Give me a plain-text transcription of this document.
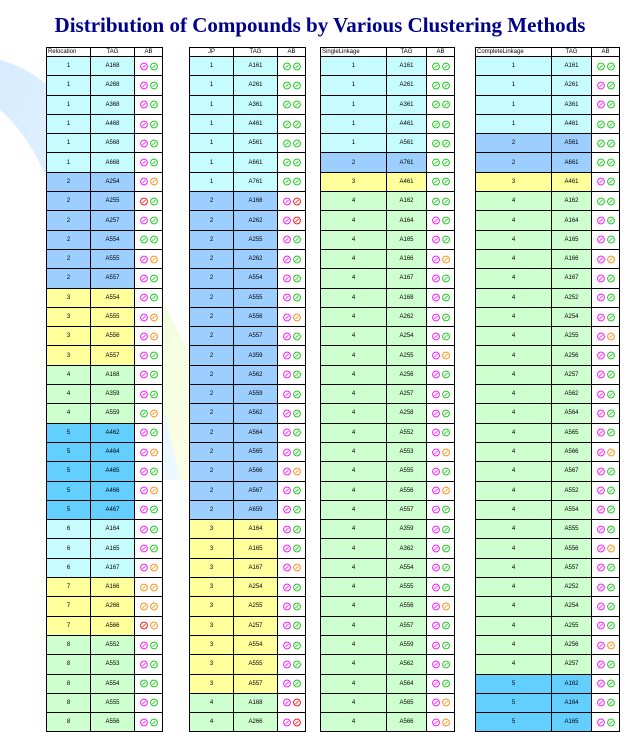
Distribution of Compounds by Various Clustering Methods
Relocation	TAG	AB
1	A168	

1	A268	

1	A368	

1	A468	

1	A568	

1	A668	

2	A254	

2	A255	

2	A257	

2	A554	

2	A555	

2	A557	

3	A554	

3	A555	

3	A556	

3	A557	

4	A168	

4	A359	

4	A559	

5	A462	

5	A464	

5	A465	

5	A466	

5	A467	

6	A164	

6	A165	

6	A167	

7	A166	

7	A266	

7	A566	

8	A552	

8	A553	

8	A554	

8	A555	

8	A556	
JP	TAG	AB
1	A161	

1	A261	

1	A361	

1	A461	

1	A561	

1	A661	

1	A761	

2	A168	

2	A262	

2	A255	

2	A262	

2	A554	

2	A555	

2	A556	

2	A557	

2	A359	

2	A562	

2	A559	

2	A562	

2	A564	

2	A565	

2	A566	

2	A567	

2	A659	

3	A164	

3	A165	

3	A167	

3	A254	

3	A255	

3	A257	

3	A554	

3	A555	

3	A557	

4	A168	

4	A266	
SingleLinkage	TAG	AB
1	A161	

1	A261	

1	A361	

1	A461	

1	A561	

2	A761	

3	A461	

4	A162	

4	A164	

4	A165	

4	A166	

4	A167	

4	A168	

4	A262	

4	A254	

4	A255	

4	A256	

4	A257	

4	A258	

4	A552	

4	A553	

4	A555	

4	A556	

4	A557	

4	A359	

4	A362	

4	A554	

4	A555	

4	A556	

4	A557	

4	A559	

4	A562	

4	A564	

4	A565	

4	A566	
CompleteLinkage	TAG	AB
1	A161	

1	A261	

1	A361	

1	A461	

2	A561	

2	A661	

3	A461	

4	A162	

4	A164	

4	A165	

4	A166	

4	A167	

4	A252	

4	A254	

4	A255	

4	A256	

4	A257	

4	A562	

4	A564	

4	A565	

4	A566	

4	A567	

4	A552	

4	A554	

4	A555	

4	A556	

4	A557	

4	A252	

4	A254	

4	A255	

4	A256	

4	A257	

5	A162	

5	A164	

5	A165	
